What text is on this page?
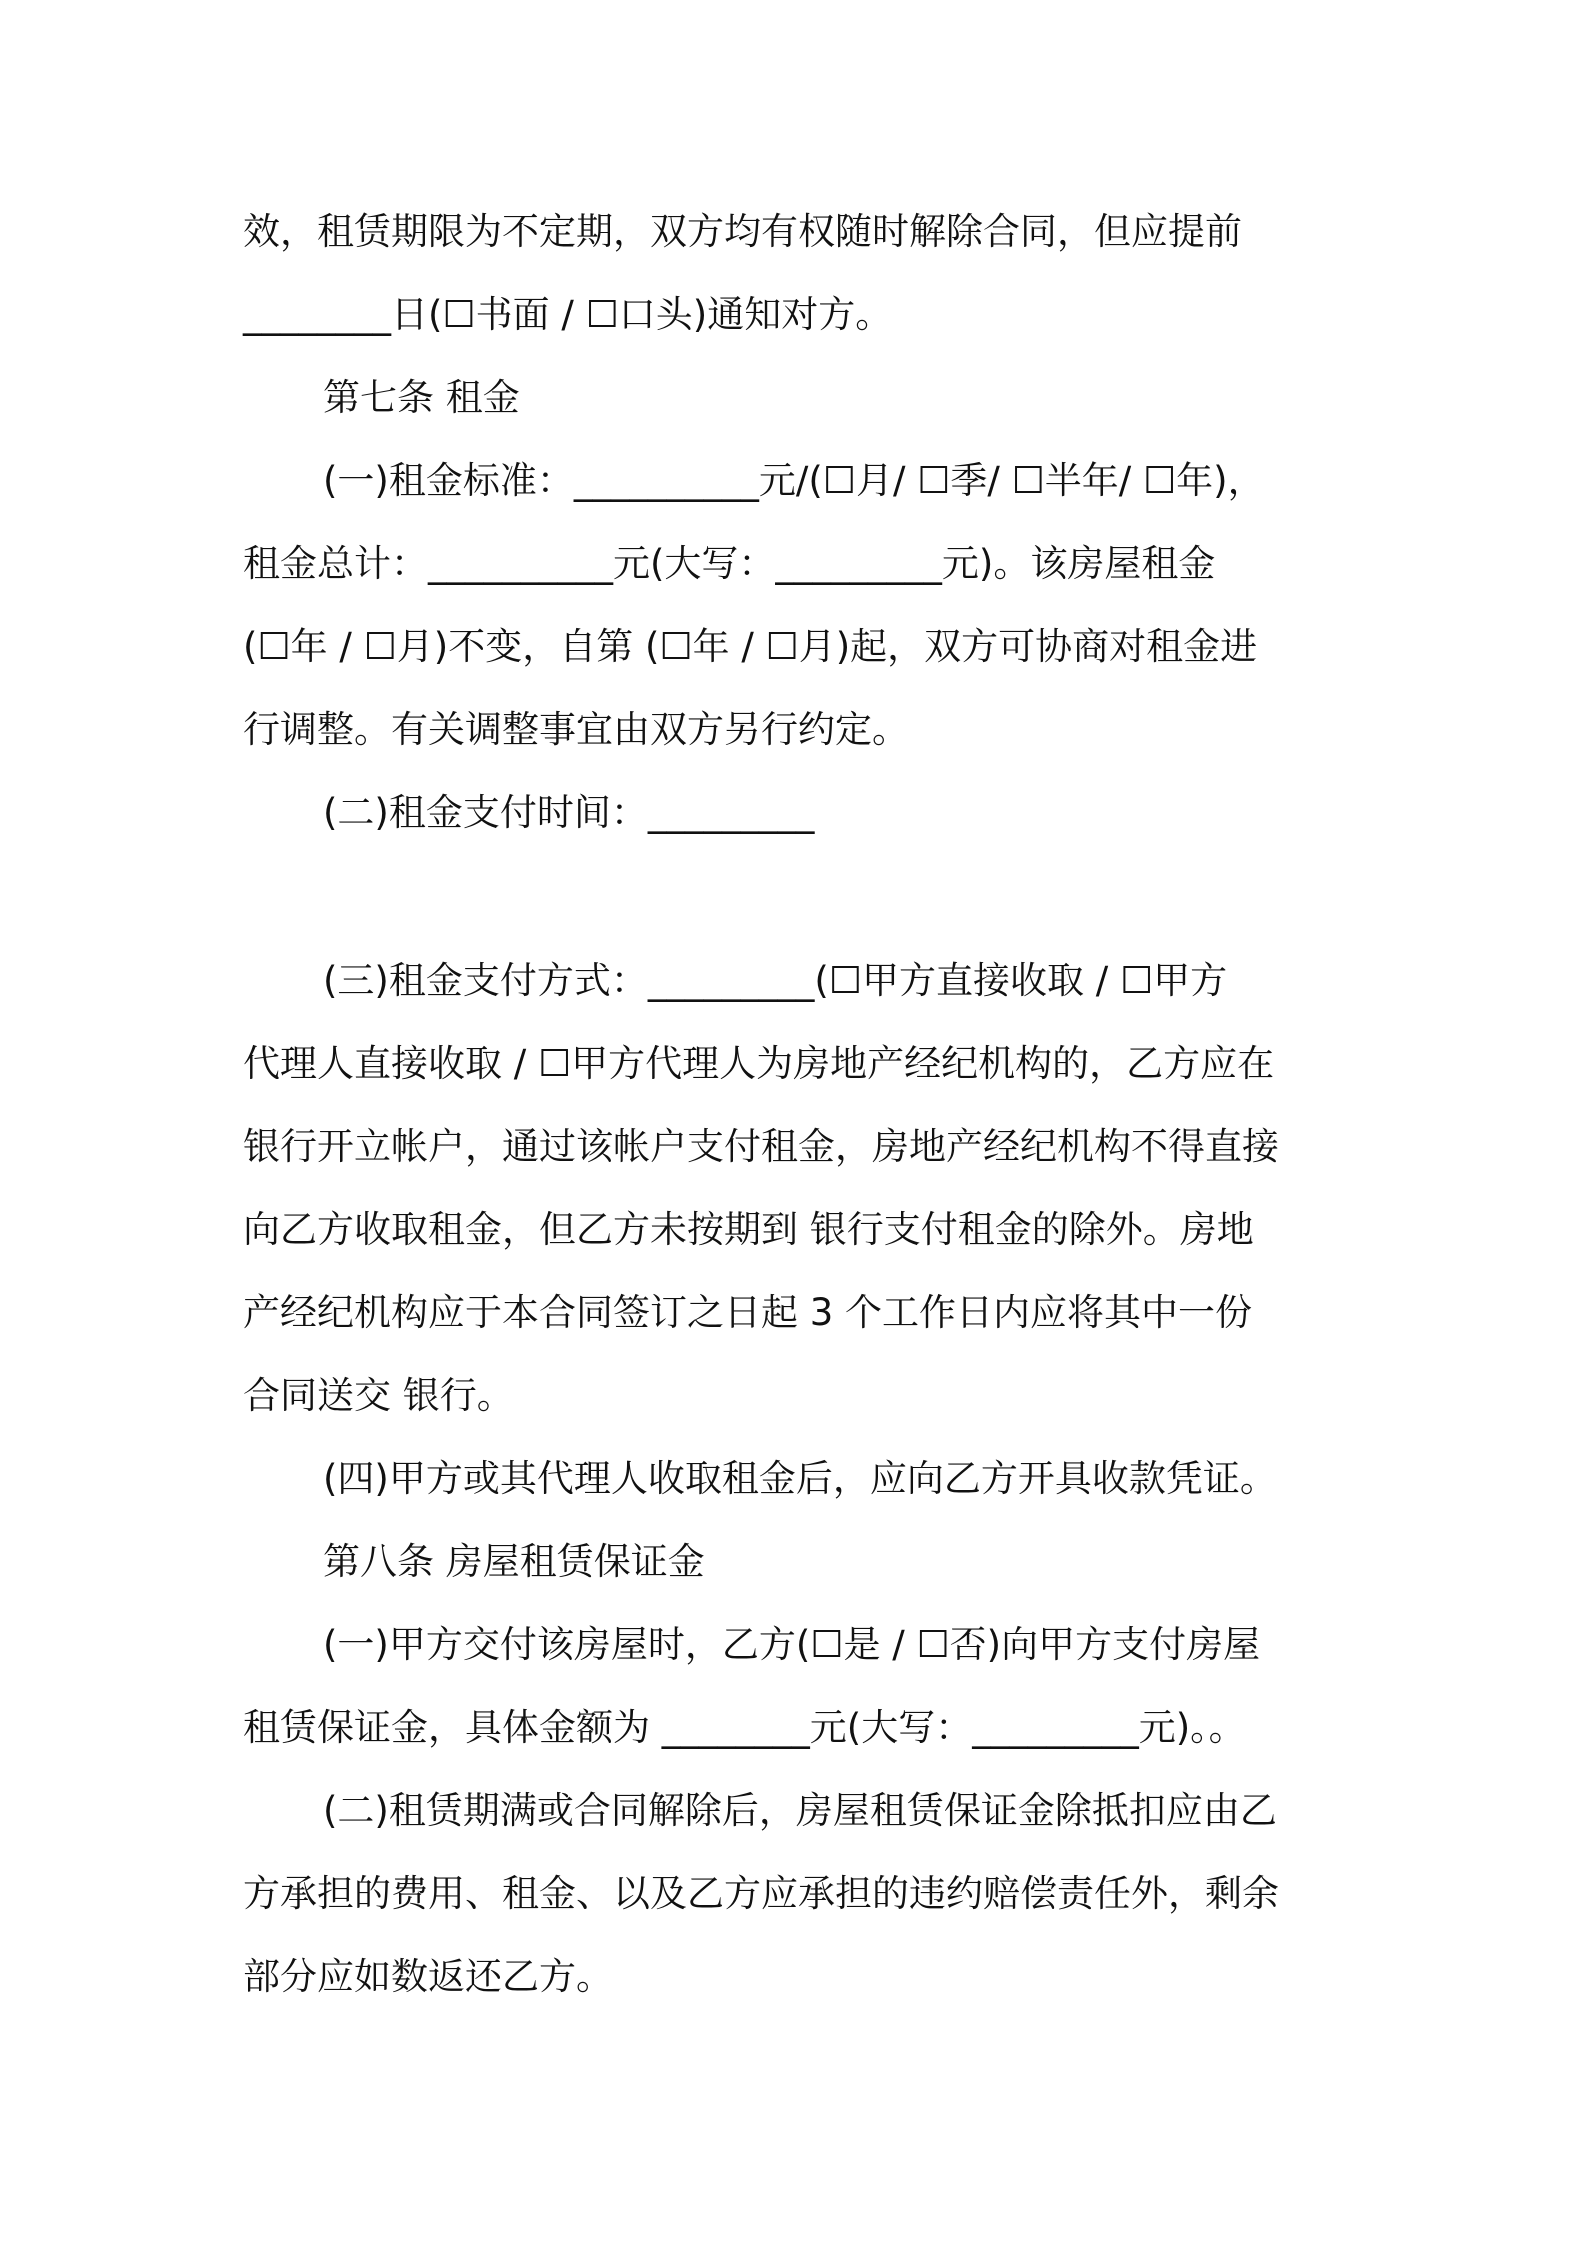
效，租赁期限为不定期，双方均有权随时解除合同，但应提前
________日(☐书面 / ☐口头)通知对方。
第七条 租金
(一)租金标准：__________元/(☐月/ ☐季/ ☐半年/ ☐年)，
租金总计：__________元(大写：_________元)。该房屋租金
(☐年 / ☐月)不变，自第 (☐年 / ☐月)起，双方可协商对租金进
行调整。有关调整事宜由双方另行约定。
(二)租金支付时间：_________
(三)租金支付方式：_________(☐甲方直接收取 / ☐甲方
代理人直接收取 / ☐甲方代理人为房地产经纪机构的，乙方应在
银行开立帐户，通过该帐户支付租金，房地产经纪机构不得直接
向乙方收取租金，但乙方未按期到 银行支付租金的除外。房地
产经纪机构应于本合同签订之日起 3 个工作日内应将其中一份
合同送交 银行。
(四)甲方或其代理人收取租金后，应向乙方开具收款凭证。
第八条 房屋租赁保证金
(一)甲方交付该房屋时，乙方(☐是 / ☐否)向甲方支付房屋
租赁保证金，具体金额为 ________元(大写：_________元)。。
(二)租赁期满或合同解除后，房屋租赁保证金除抵扣应由乙
方承担的费用、租金、以及乙方应承担的违约赔偿责任外，剩余
部分应如数返还乙方。
